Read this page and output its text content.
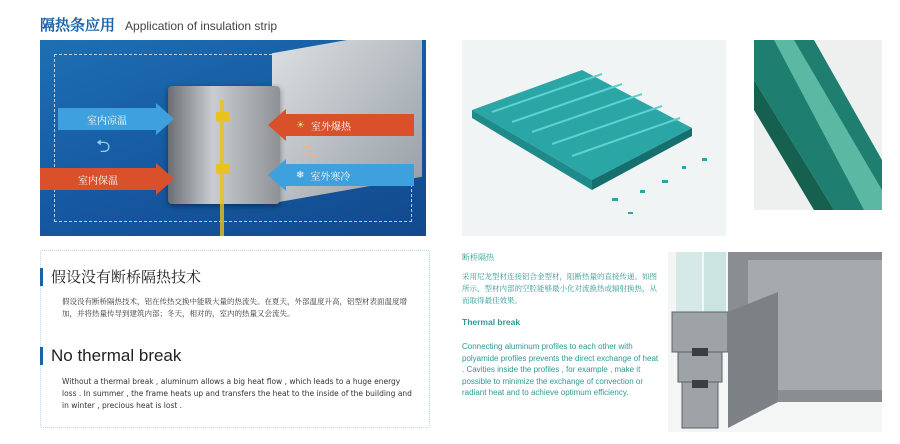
隔热条应用 Application of insulation strip
室内凉温
⮌
室内保温
☀ 室外爆热
❄ 室外寒冷
⮎
假设没有断桥隔热技术
假设没有断桥隔热技术，铝在传热交换中能吸大量的热流失。在夏天，外部温度升高，铝型材表面温度增加，并将热量传导到建筑内部；冬天，相对的，室内的热量又会流失。
No thermal break
Without a thermal break , aluminum allows a big heat flow , which leads to a huge energy loss . In summer , the frame heats up and transfers the heat to the inside of the building and in winter , precious heat is lost .
断桥隔热
采用尼龙型材连接铝合金型材，阻断热量的直接传递。如图所示，型材内部的空腔能够最小化对流换热或辐射换热，从而取得最佳效果。
Thermal break
Connecting aluminum profiles to each other with polyamide profiles prevents the direct exchange of heat . Cavities inside the profiles , for example , make it possible to minimize the exchange of convection or radiant heat and to achieve optimum efficiency.
